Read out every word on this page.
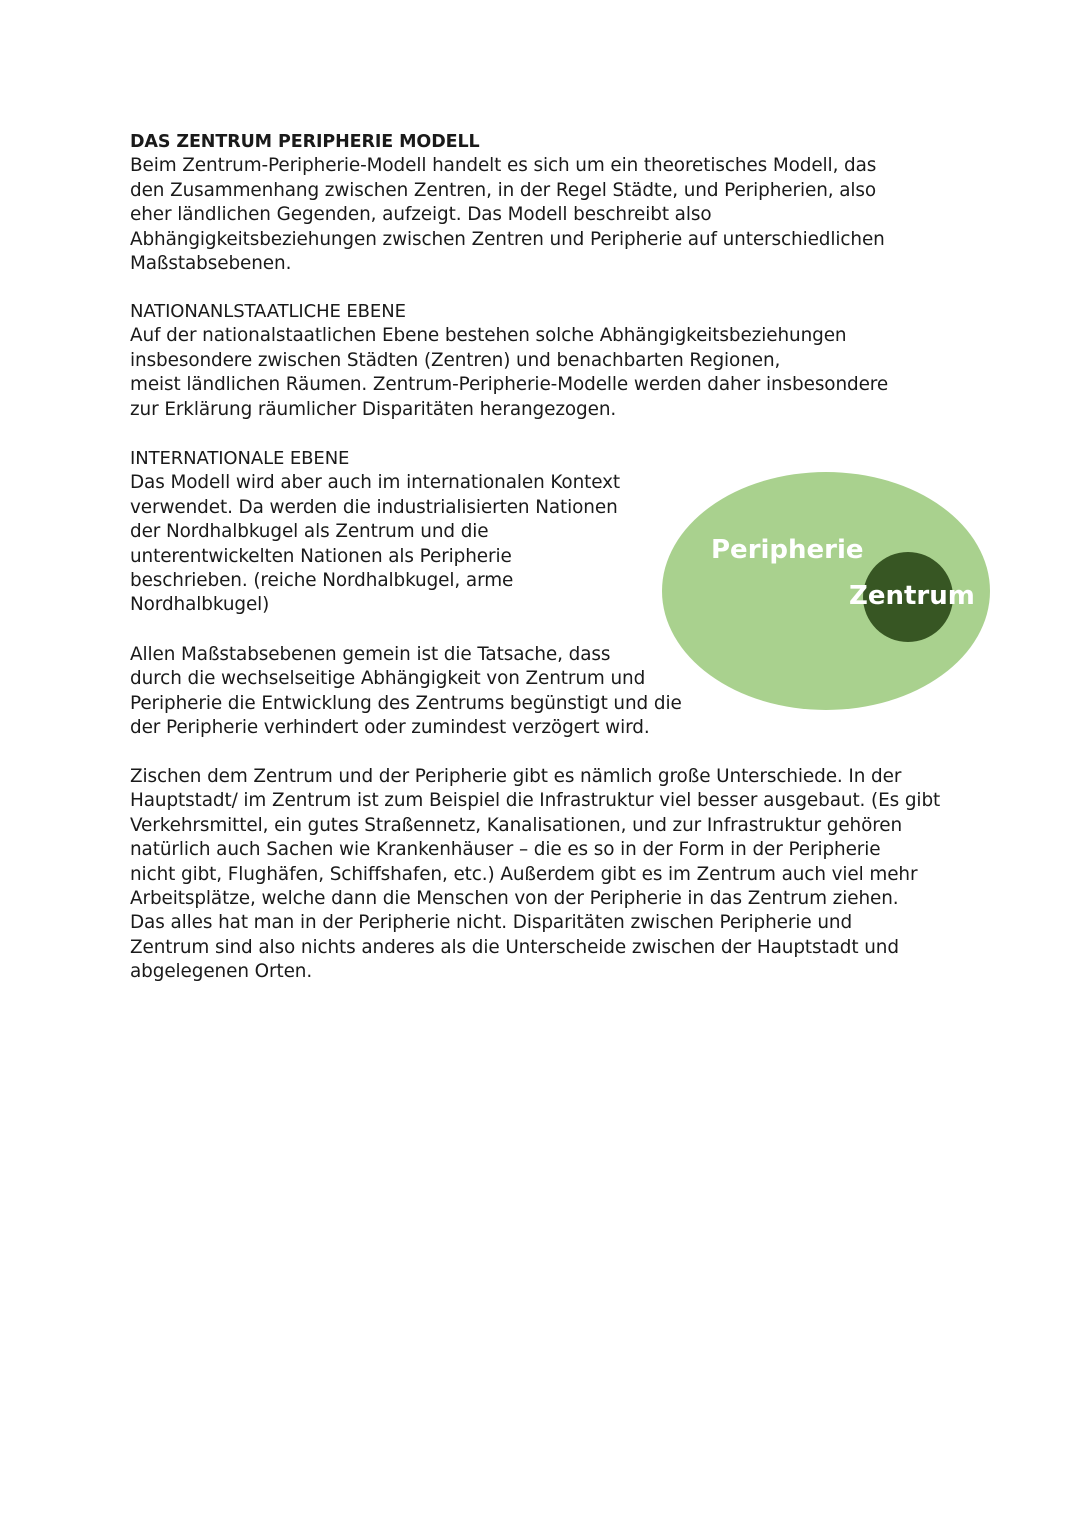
DAS ZENTRUM PERIPHERIE MODELL
Beim Zentrum-Peripherie-Modell handelt es sich um ein theoretisches Modell, das
den Zusammenhang zwischen Zentren, in der Regel Städte, und Peripherien, also
eher ländlichen Gegenden, aufzeigt. Das Modell beschreibt also
Abhängigkeitsbeziehungen zwischen Zentren und Peripherie auf unterschiedlichen
Maßstabsebenen.
NATIONANLSTAATLICHE EBENE
Auf der nationalstaatlichen Ebene bestehen solche Abhängigkeitsbeziehungen
insbesondere zwischen Städten (Zentren) und benachbarten Regionen,
meist ländlichen Räumen. Zentrum-Peripherie-Modelle werden daher insbesondere
zur Erklärung räumlicher Disparitäten herangezogen.
INTERNATIONALE EBENE
Das Modell wird aber auch im internationalen Kontext
verwendet. Da werden die industrialisierten Nationen
der Nordhalbkugel als Zentrum und die
unterentwickelten Nationen als Peripherie
beschrieben. (reiche Nordhalbkugel, arme
Nordhalbkugel)
Allen Maßstabsebenen gemein ist die Tatsache, dass
durch die wechselseitige Abhängigkeit von Zentrum und
Peripherie die Entwicklung des Zentrums begünstigt und die
der Peripherie verhindert oder zumindest verzögert wird.
Zischen dem Zentrum und der Peripherie gibt es nämlich große Unterschiede. In der
Hauptstadt/ im Zentrum ist zum Beispiel die Infrastruktur viel besser ausgebaut. (Es gibt
Verkehrsmittel, ein gutes Straßennetz, Kanalisationen, und zur Infrastruktur gehören
natürlich auch Sachen wie Krankenhäuser – die es so in der Form in der Peripherie
nicht gibt, Flughäfen, Schiffshafen, etc.) Außerdem gibt es im Zentrum auch viel mehr
Arbeitsplätze, welche dann die Menschen von der Peripherie in das Zentrum ziehen.
Das alles hat man in der Peripherie nicht. Disparitäten zwischen Peripherie und
Zentrum sind also nichts anderes als die Unterscheide zwischen der Hauptstadt und
abgelegenen Orten.
Peripherie
Zentrum
